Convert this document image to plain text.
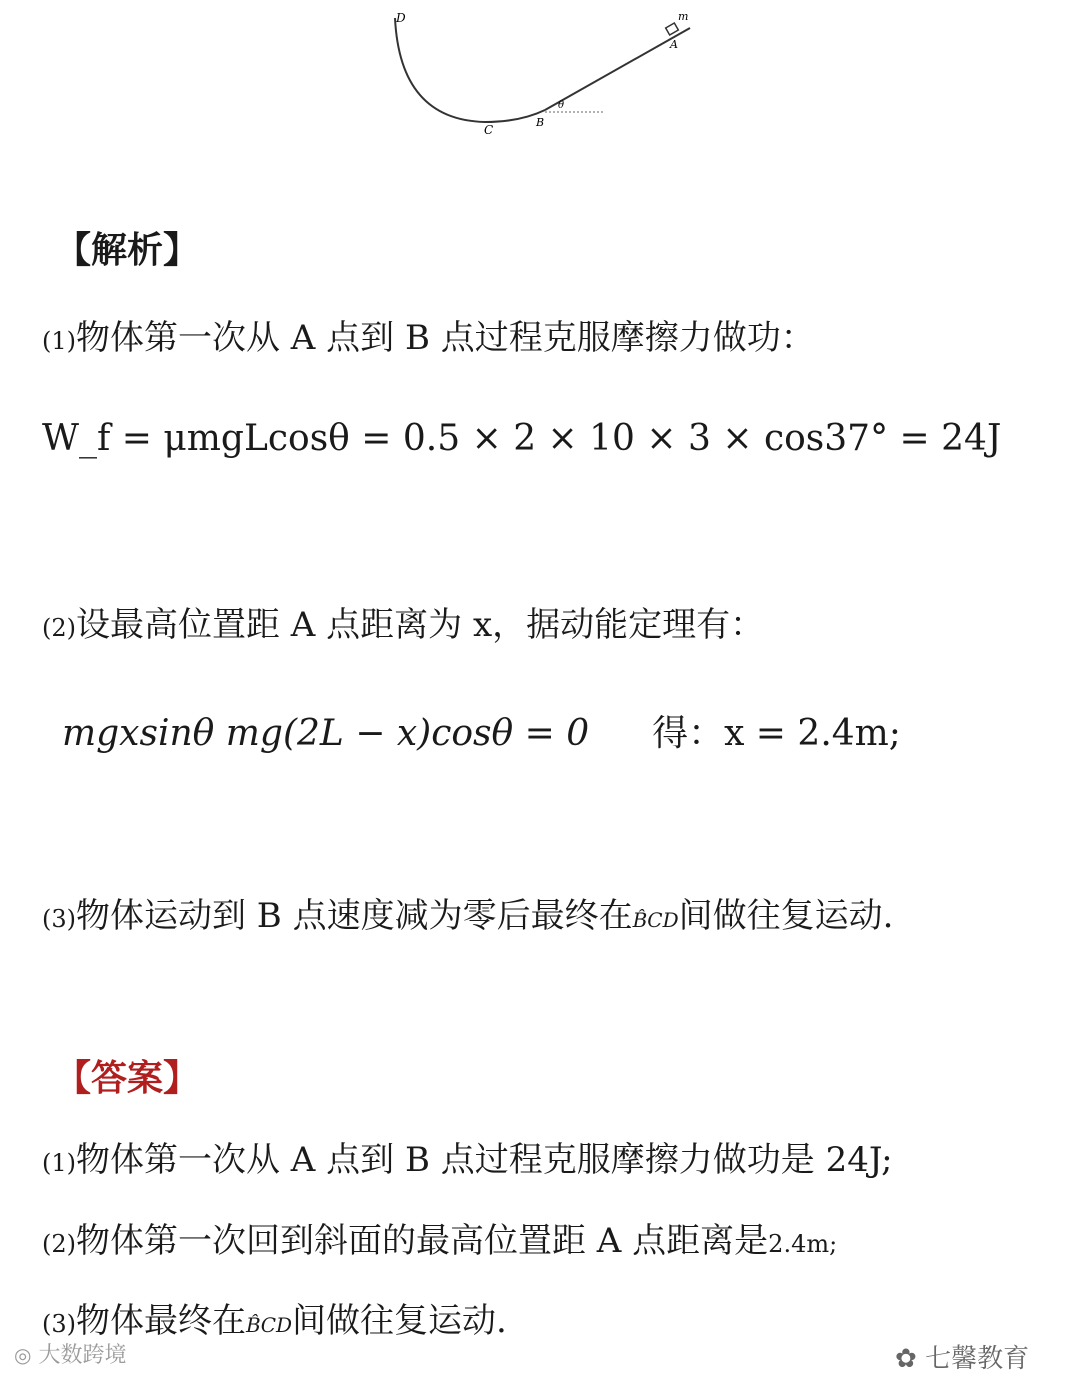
D	m
A
C
B
θ
【解析】
(1)物体第一次从 A 点到 B 点过程克服摩擦力做功：
W_f = μmgLcosθ = 0.5 × 2 × 10 × 3 × cos37° = 24J
(2)设最高位置距 A 点距离为 x，据动能定理有：
mgxsinθ mg(2L − x)cosθ = 0 得：x = 2.4m;
(3)物体运动到 B 点速度减为零后最终在B̂CD间做往复运动.
【答案】
(1)物体第一次从 A 点到 B 点过程克服摩擦力做功是 24J;
(2)物体第一次回到斜面的最高位置距 A 点距离是2.4m;
(3)物体最终在B̂CD间做往复运动.
◎ 大数跨境	✿ 七馨教育
